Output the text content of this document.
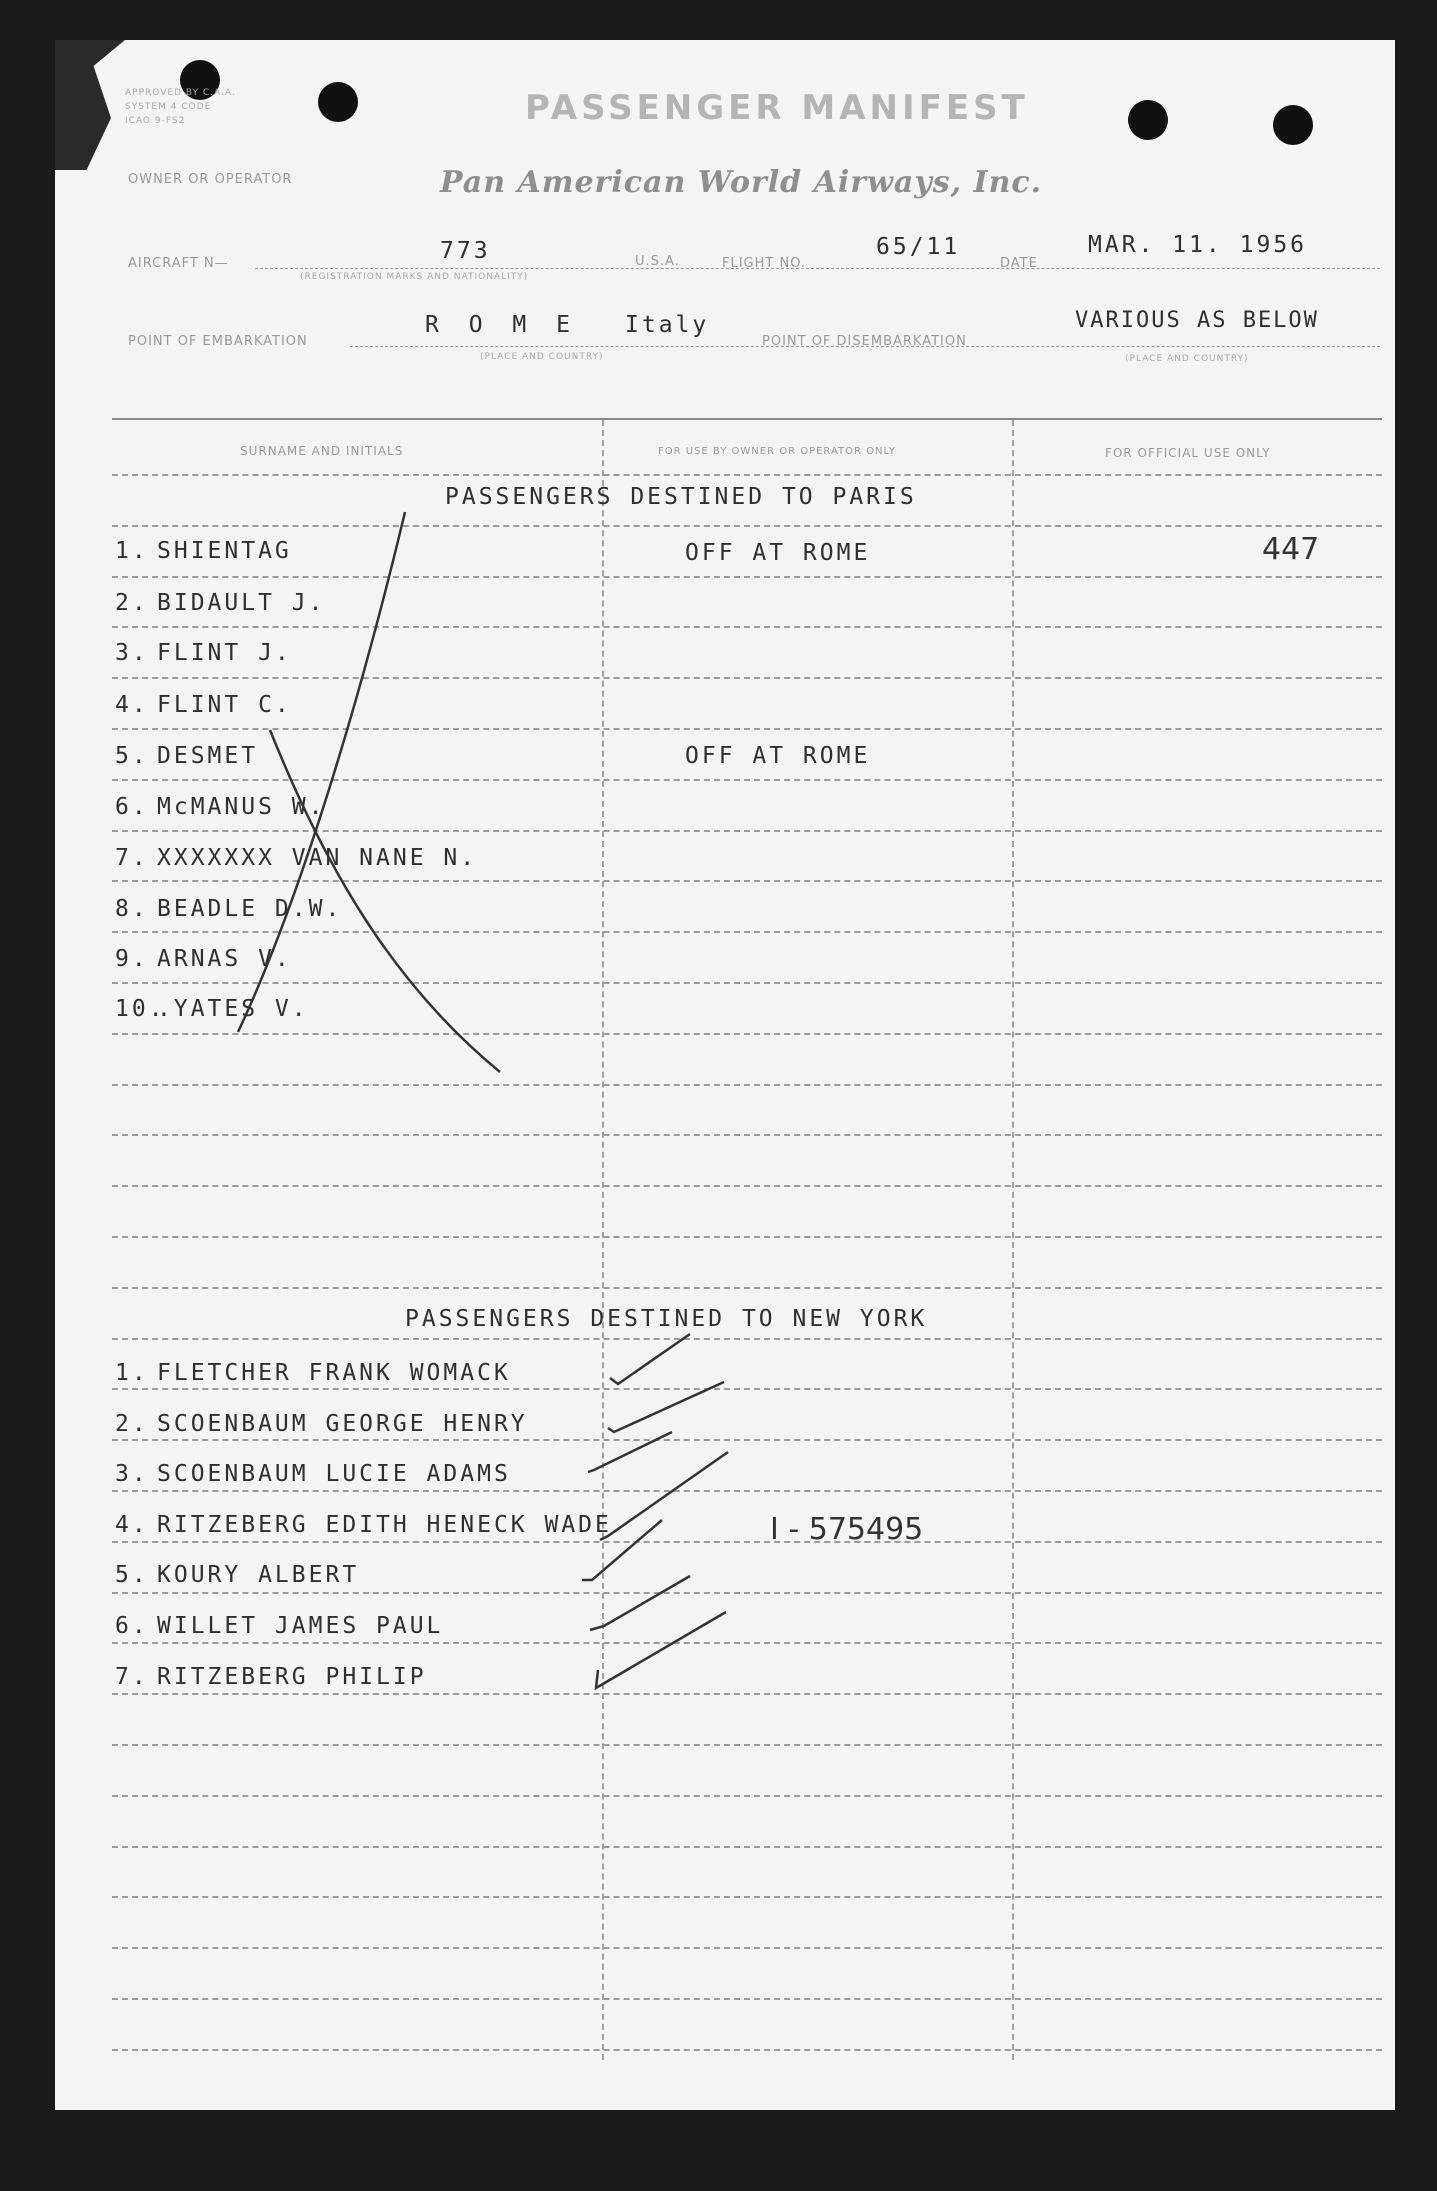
APPROVED BY C.A.A.
SYSTEM 4 CODE
ICAO 9-FS2	PASSENGER MANIFEST
OWNER OR OPERATOR	Pan American World Airways, Inc.
AIRCRAFT N—	773
(REGISTRATION MARKS AND NATIONALITY)
U.S.A.	FLIGHT NO.
65/11
DATE
MAR. 11. 1956
POINT OF EMBARKATION
R O M E Italy
(PLACE AND COUNTRY)
POINT OF DISEMBARKATION
VARIOUS AS BELOW
(PLACE AND COUNTRY)
SURNAME AND INITIALS	FOR USE BY OWNER OR OPERATOR ONLY	FOR OFFICIAL USE ONLY
PASSENGERS DESTINED TO PARIS
1. SHIENTAG	OFF AT ROME	447
2. BIDAULT J.
3. FLINT J.
4. FLINT C.
5. DESMET	OFF AT ROME
6. McMANUS W.
7. XXXXXXX VAN NANE N.
8. BEADLE D.W.
9. ARNAS V.
10..YATES V.
PASSENGERS DESTINED TO NEW YORK
1. FLETCHER FRANK WOMACK
2. SCOENBAUM GEORGE HENRY
3. SCOENBAUM LUCIE ADAMS
4. RITZEBERG EDITH HENECK WADE	I - 575495
5. KOURY ALBERT
6. WILLET JAMES PAUL
7. RITZEBERG PHILIP
